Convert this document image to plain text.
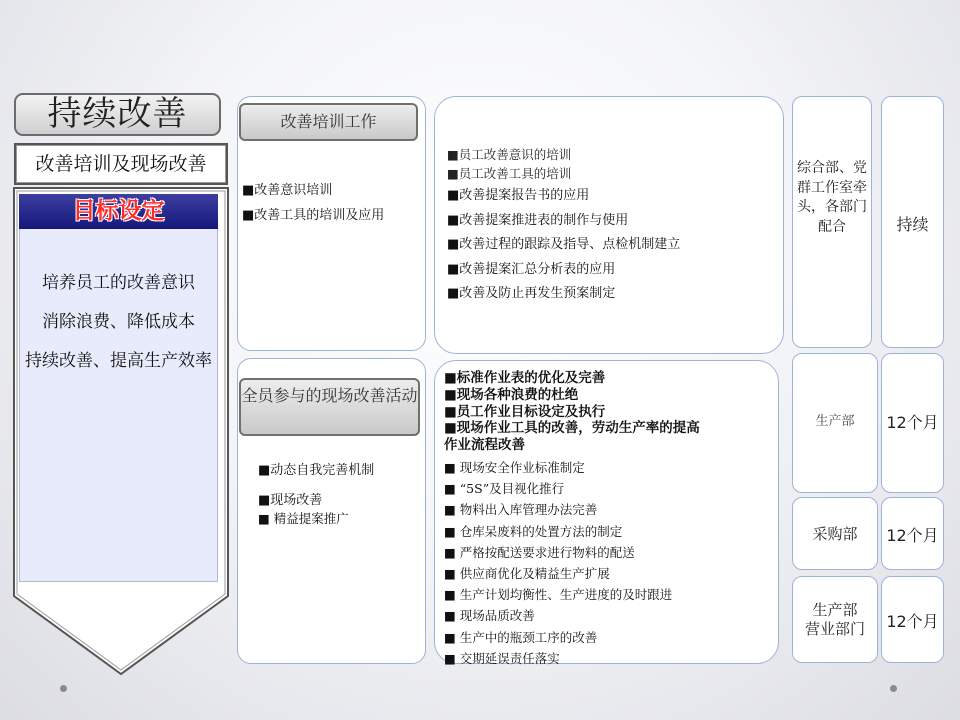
持续改善
改善培训及现场改善
目标设定
培养员工的改善意识
消除浪费、降低成本
持续改善、提高生产效率
改善培训工作
■改善意识培训
■改善工具的培训及应用
■员工改善意识的培训
■员工改善工具的培训
■改善提案报告书的应用
■改善提案推进表的制作与使用
■改善过程的跟踪及指导、点检机制建立
■改善提案汇总分析表的应用
■改善及防止再发生预案制定
全员参与的现场改善活动
■动态自我完善机制
■现场改善
■ 精益提案推广
■标准作业表的优化及完善
■现场各种浪费的杜绝
■员工作业目标设定及执行
■现场作业工具的改善，劳动生产率的提高
作业流程改善
■ 现场安全作业标准制定
■ “5S”及目视化推行
■ 物料出入库管理办法完善
■ 仓库呆废料的处置方法的制定
■ 严格按配送要求进行物料的配送
■ 供应商优化及精益生产扩展
■ 生产计划均衡性、生产进度的及时跟进
■ 现场品质改善
■ 生产中的瓶颈工序的改善
■ 交期延误责任落实
综合部、党群工作室牵头，各部门配合	持续
生产部	12个月
采购部	12个月
生产部
营业部门	12个月
